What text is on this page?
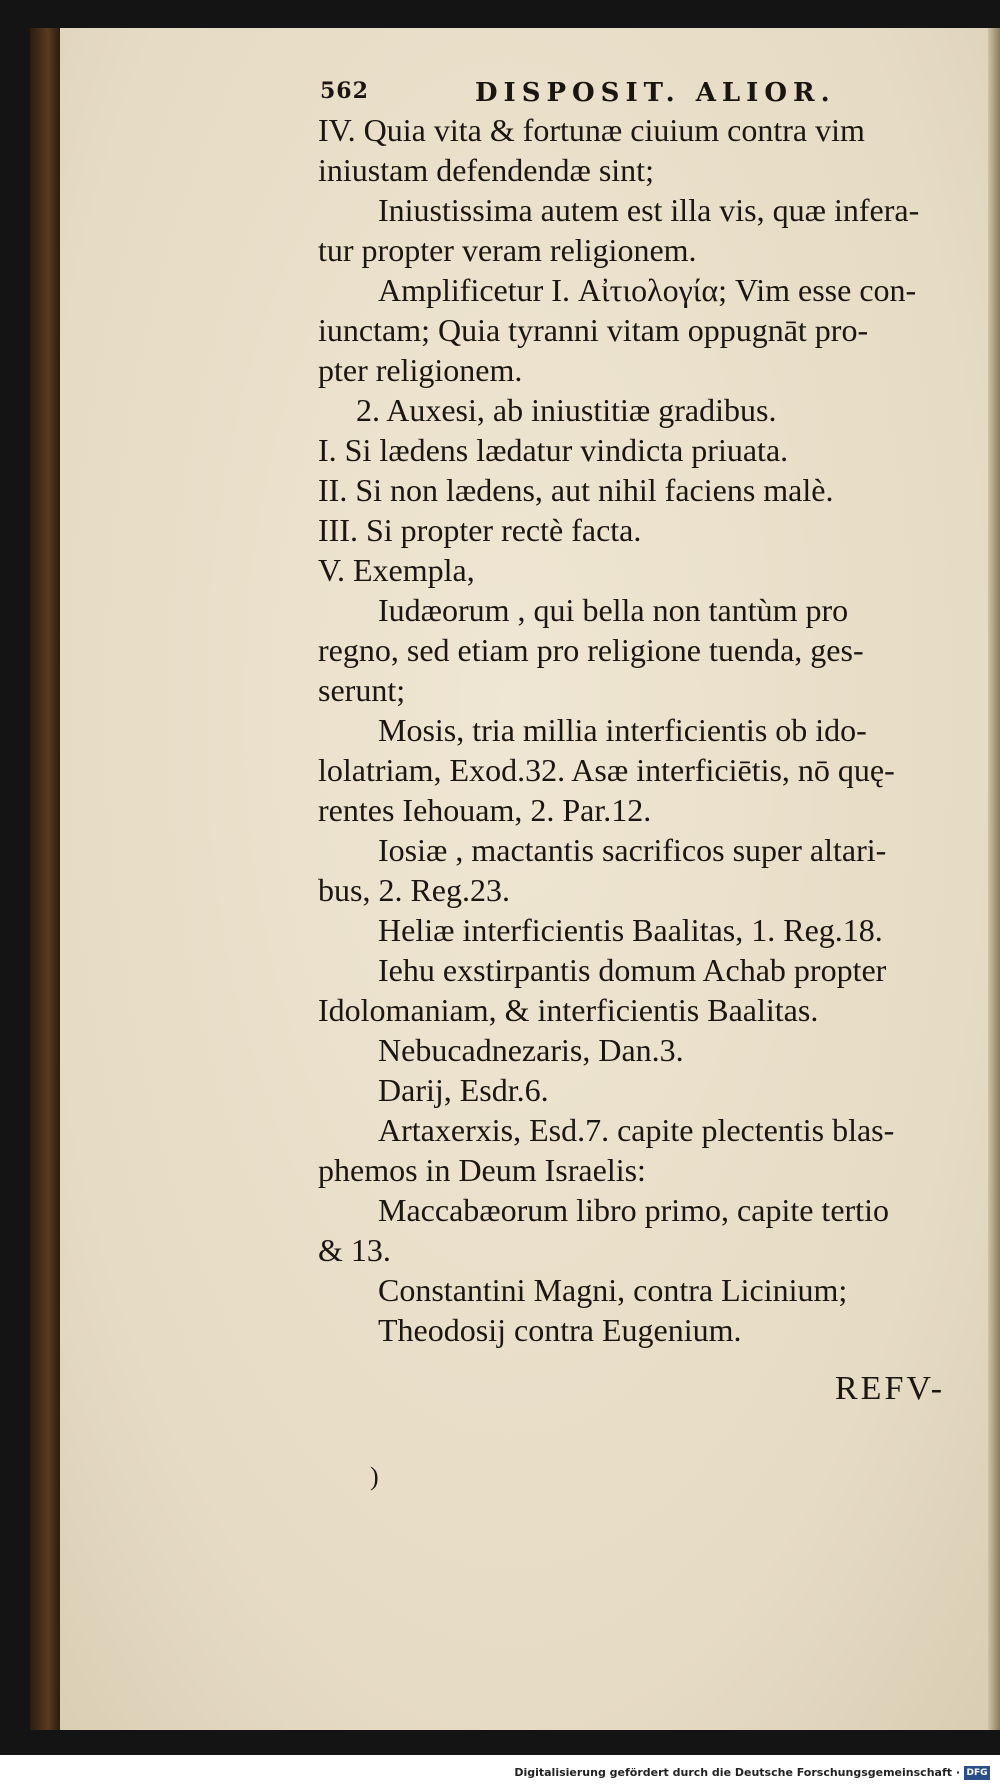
562	DISPOSIT. ALIOR.
IV. Quia vita & fortunæ ciuium contra vim
iniustam defendendæ sint;
Iniustissima autem est illa vis, quæ infera-
tur propter veram religionem.
Amplificetur I. Αἰτιολογία; Vim esse con-
iunctam; Quia tyranni vitam oppugnāt pro-
pter religionem.
2. Auxesi, ab iniustitiæ gradibus.
I. Si lædens lædatur vindicta priuata.
II. Si non lædens, aut nihil faciens malè.
III. Si propter rectè facta.
V. Exempla,
Iudæorum , qui bella non tantùm pro
regno, sed etiam pro religione tuenda, ges-
serunt;
Mosis, tria millia interficientis ob ido-
lolatriam, Exod.32. Asæ interficiētis, nō quę-
rentes Iehouam, 2. Par.12.
Iosiæ , mactantis sacrificos super altari-
bus, 2. Reg.23.
Heliæ interficientis Baalitas, 1. Reg.18.
Iehu exstirpantis domum Achab propter
Idolomaniam, & interficientis Baalitas.
Nebucadnezaris, Dan.3.
Darij, Esdr.6.
Artaxerxis, Esd.7. capite plectentis blas-
phemos in Deum Israelis:
Maccabæorum libro primo, capite tertio
& 13.
Constantini Magni, contra Licinium;
Theodosij contra Eugenium.
REFV-
)
Digitalisierung gefördert durch die Deutsche Forschungsgemeinschaft · DFG
